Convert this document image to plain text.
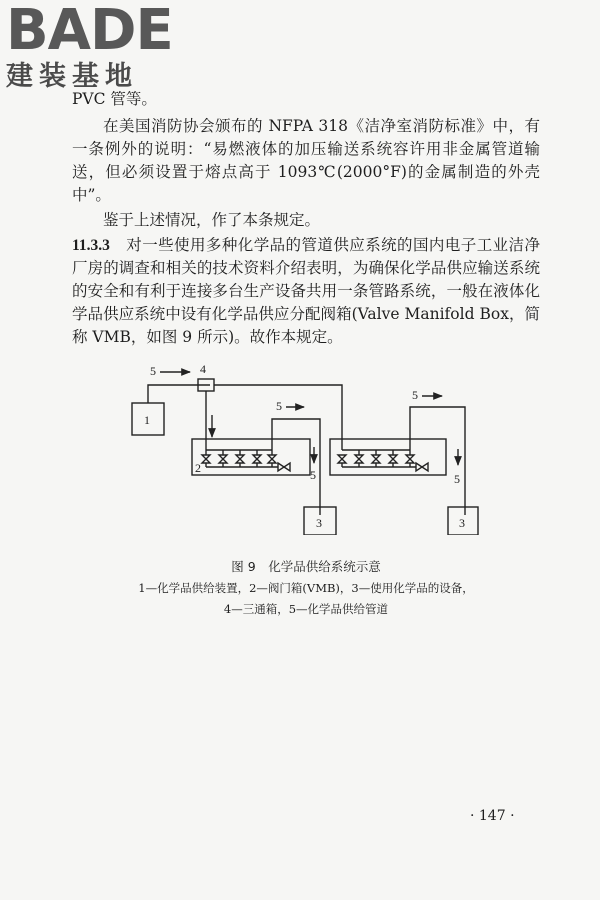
BADE
建装基地

PVC 管等。

在美国消防协会颁布的 NFPA 318《洁净室消防标准》中，有一条例外的说明：“易燃液体的加压输送系统容许用非金属管道输送，但必须设置于熔点高于 1093℃(2000°F)的金属制造的外壳中”。

鉴于上述情况，作了本条规定。

11.3.3　 对一些使用多种化学品的管道供应系统的国内电子工业洁净厂房的调查和相关的技术资料介绍表明，为确保化学品供应输送系统的安全和有利于连接多台生产设备共用一条管路系统，一般在液体化学品供应系统中设有化学品供应分配阀箱(Valve Manifold Box，简称 VMB，如图 9 所示)。故作本规定。

1
5	4
2
5
5
3
5
5
3
图 9　化学品供给系统示意
1—化学品供给装置，2—阀门箱(VMB)，3—使用化学品的设备，
4—三通箱，5—化学品供给管道
· 147 ·
